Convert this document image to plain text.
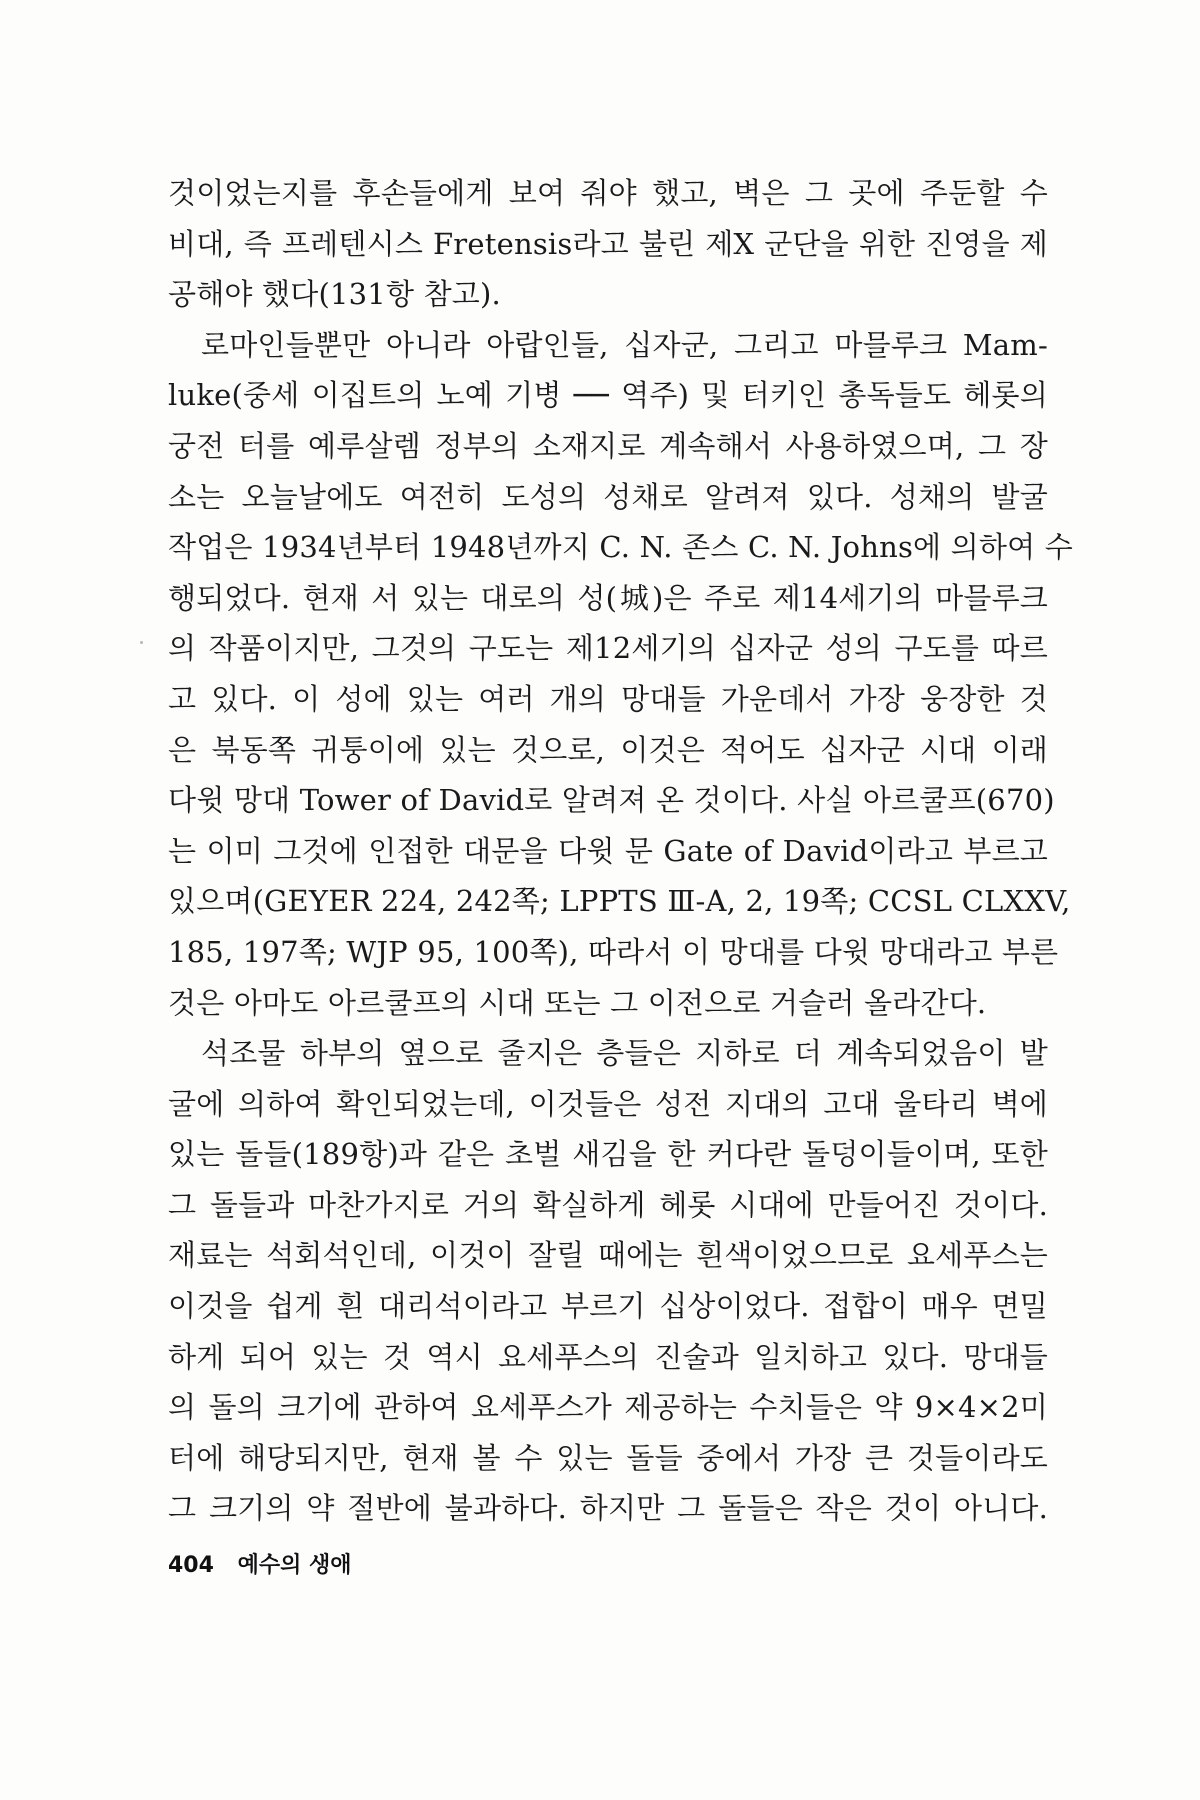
것이었는지를 후손들에게 보여 줘야 했고, 벽은 그 곳에 주둔할 수
비대, 즉 프레텐시스 Fretensis라고 불린 제X 군단을 위한 진영을 제
공해야 했다(131항 참고).
로마인들뿐만 아니라 아랍인들, 십자군, 그리고 마믈루크 Mam-
luke(중세 이집트의 노예 기병 ── 역주) 및 터키인 총독들도 헤롯의
궁전 터를 예루살렘 정부의 소재지로 계속해서 사용하였으며, 그 장
소는 오늘날에도 여전히 도성의 성채로 알려져 있다. 성채의 발굴
작업은 1934년부터 1948년까지 C. N. 존스 C. N. Johns에 의하여 수
행되었다. 현재 서 있는 대로의 성(城)은 주로 제14세기의 마믈루크
의 작품이지만, 그것의 구도는 제12세기의 십자군 성의 구도를 따르
고 있다. 이 성에 있는 여러 개의 망대들 가운데서 가장 웅장한 것
은 북동쪽 귀퉁이에 있는 것으로, 이것은 적어도 십자군 시대 이래
다윗 망대 Tower of David로 알려져 온 것이다. 사실 아르쿨프(670)
는 이미 그것에 인접한 대문을 다윗 문 Gate of David이라고 부르고
있으며(GEYER 224, 242쪽; LPPTS Ⅲ-A, 2, 19쪽; CCSL CLXXV,
185, 197쪽; WJP 95, 100쪽), 따라서 이 망대를 다윗 망대라고 부른
것은 아마도 아르쿨프의 시대 또는 그 이전으로 거슬러 올라간다.
석조물 하부의 옆으로 줄지은 층들은 지하로 더 계속되었음이 발
굴에 의하여 확인되었는데, 이것들은 성전 지대의 고대 울타리 벽에
있는 돌들(189항)과 같은 초벌 새김을 한 커다란 돌덩이들이며, 또한
그 돌들과 마찬가지로 거의 확실하게 헤롯 시대에 만들어진 것이다.
재료는 석회석인데, 이것이 잘릴 때에는 흰색이었으므로 요세푸스는
이것을 쉽게 흰 대리석이라고 부르기 십상이었다. 접합이 매우 면밀
하게 되어 있는 것 역시 요세푸스의 진술과 일치하고 있다. 망대들
의 돌의 크기에 관하여 요세푸스가 제공하는 수치들은 약 9×4×2미
터에 해당되지만, 현재 볼 수 있는 돌들 중에서 가장 큰 것들이라도
그 크기의 약 절반에 불과하다. 하지만 그 돌들은 작은 것이 아니다.
404 예수의 생애
